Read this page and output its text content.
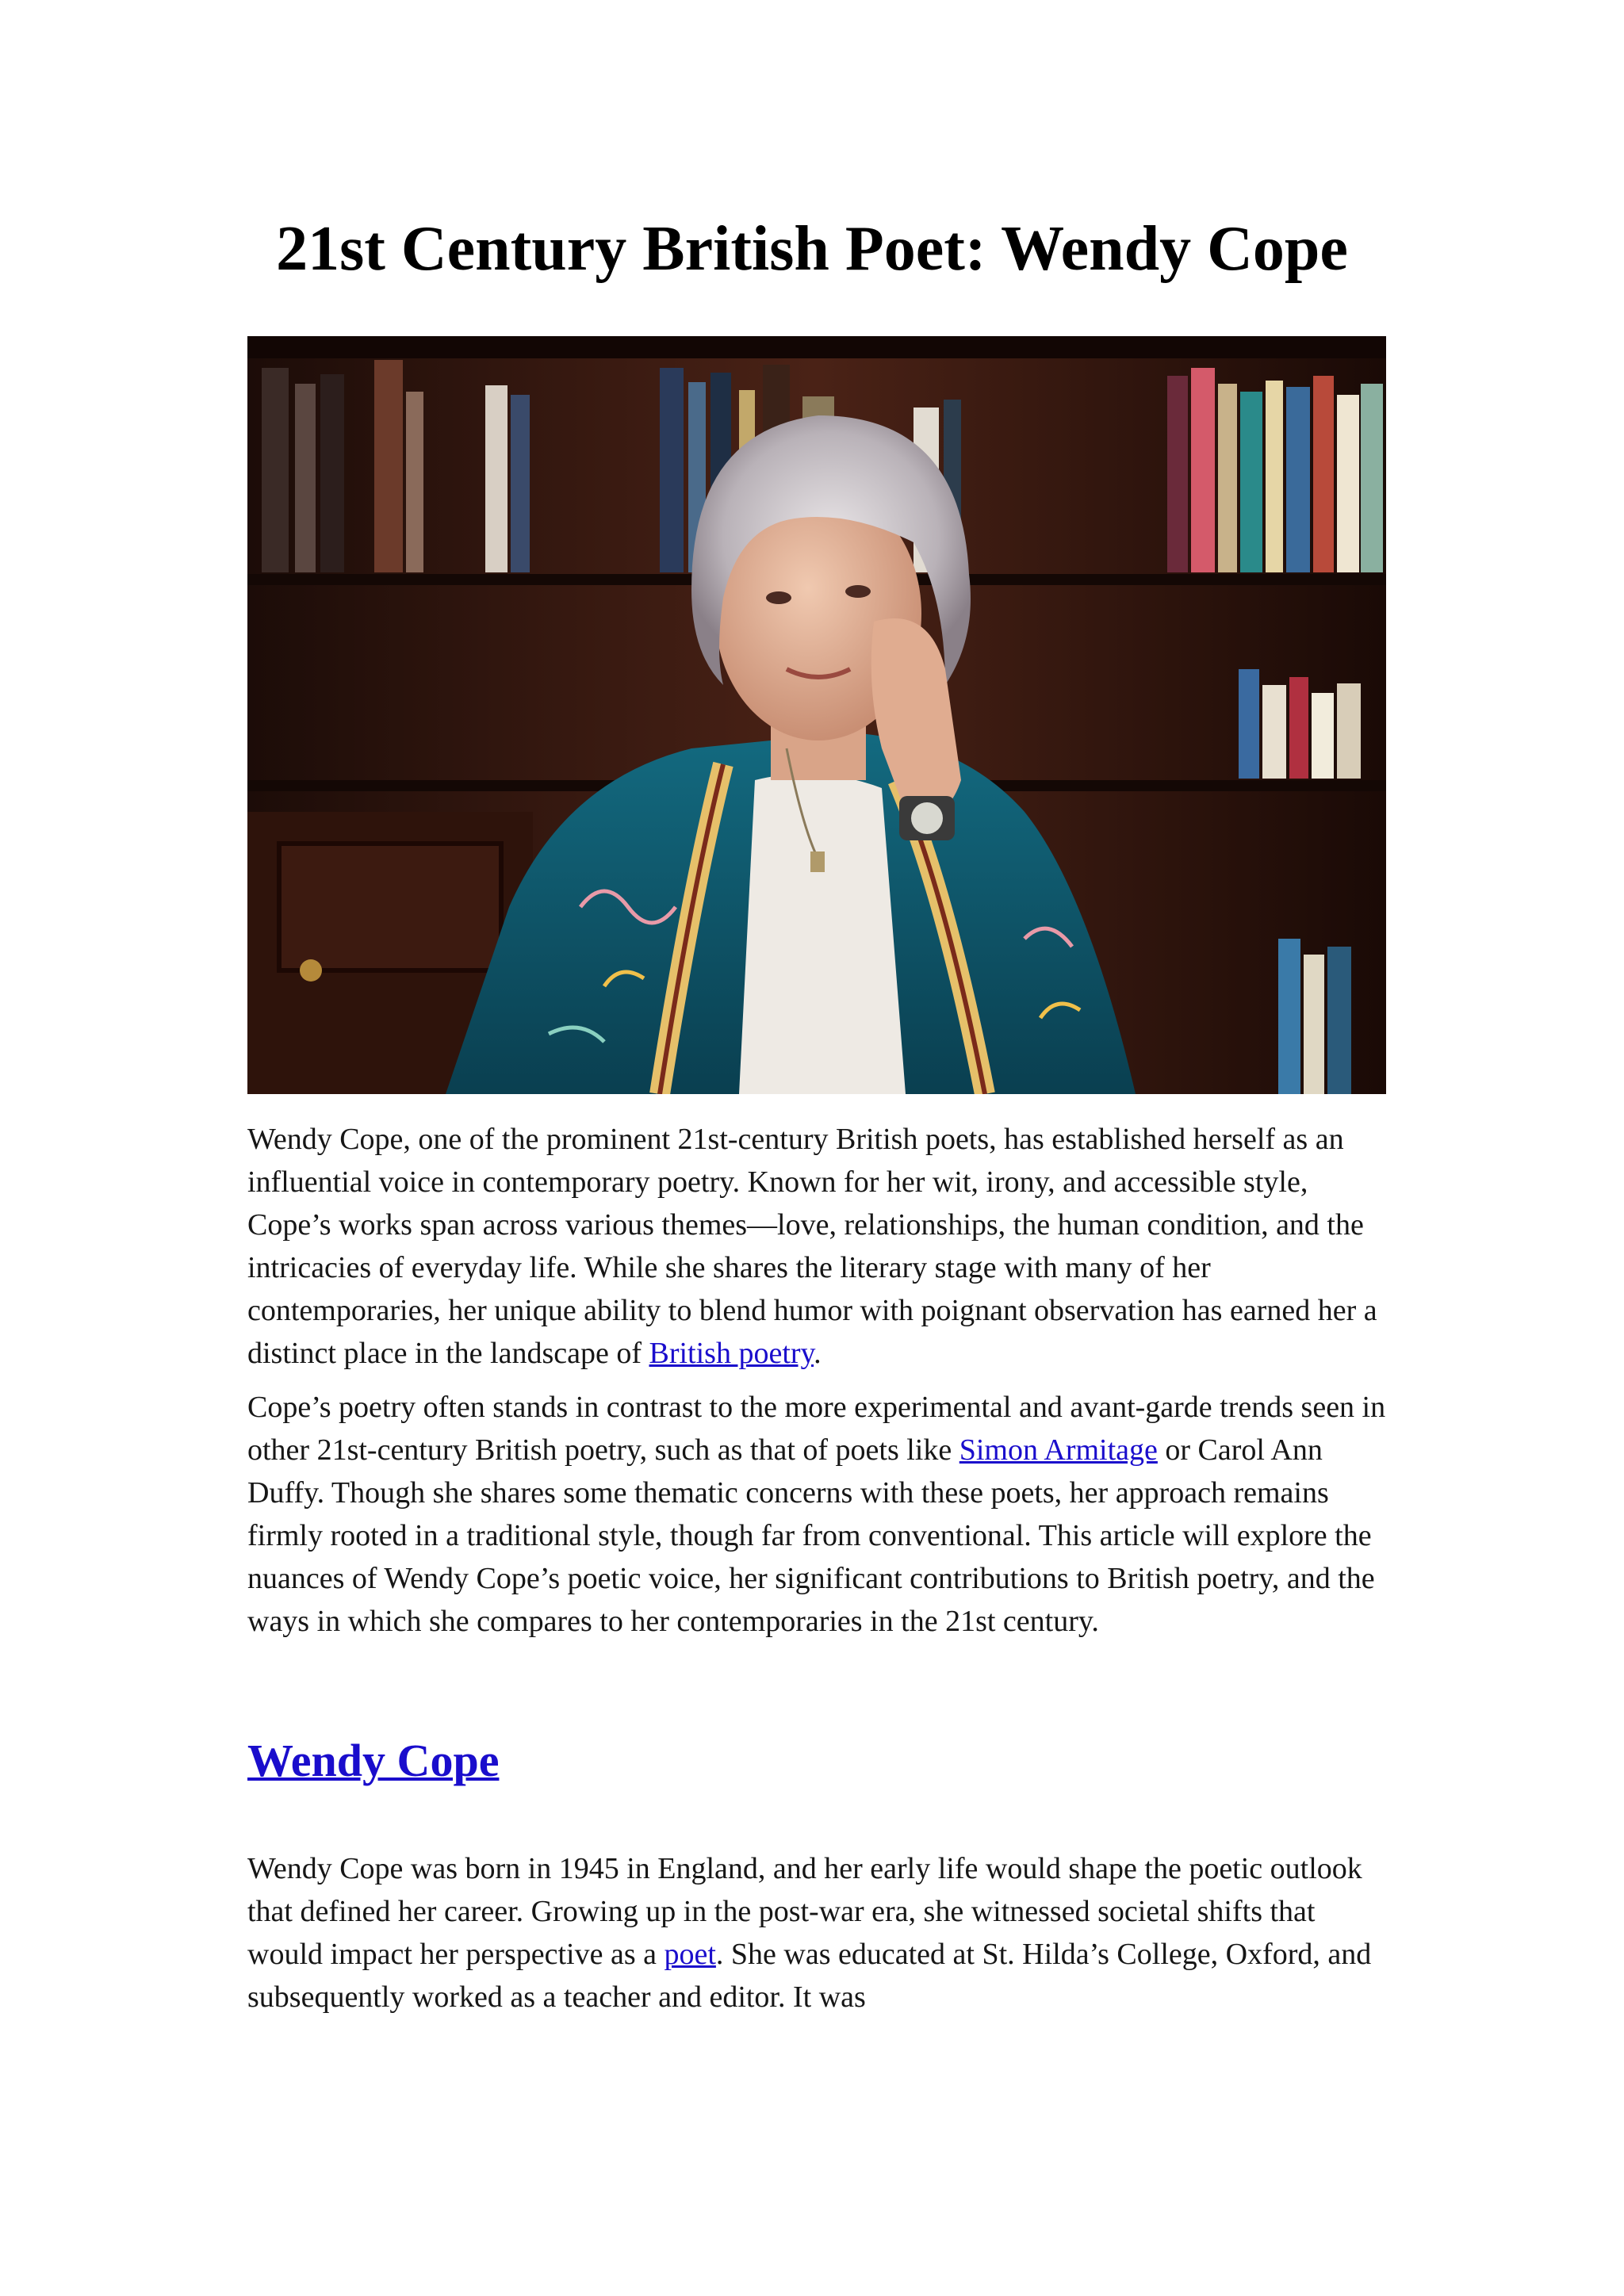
21st Century British Poet: Wendy Cope

Wendy Cope, one of the prominent 21st-century British poets, has established herself as an influential voice in contemporary poetry. Known for her wit, irony, and accessible style, Cope’s works span across various themes—love, relationships, the human condition, and the intricacies of everyday life. While she shares the literary stage with many of her contemporaries, her unique ability to blend humor with poignant observation has earned her a distinct place in the landscape of British poetry.

Cope’s poetry often stands in contrast to the more experimental and avant-garde trends seen in other 21st-century British poetry, such as that of poets like Simon Armitage or Carol Ann Duffy. Though she shares some thematic concerns with these poets, her approach remains firmly rooted in a traditional style, though far from conventional. This article will explore the nuances of Wendy Cope’s poetic voice, her significant contributions to British poetry, and the ways in which she compares to her contemporaries in the 21st century.

Wendy Cope

Wendy Cope was born in 1945 in England, and her early life would shape the poetic outlook that defined her career. Growing up in the post-war era, she witnessed societal shifts that would impact her perspective as a poet. She was educated at St. Hilda’s College, Oxford, and subsequently worked as a teacher and editor. It was
